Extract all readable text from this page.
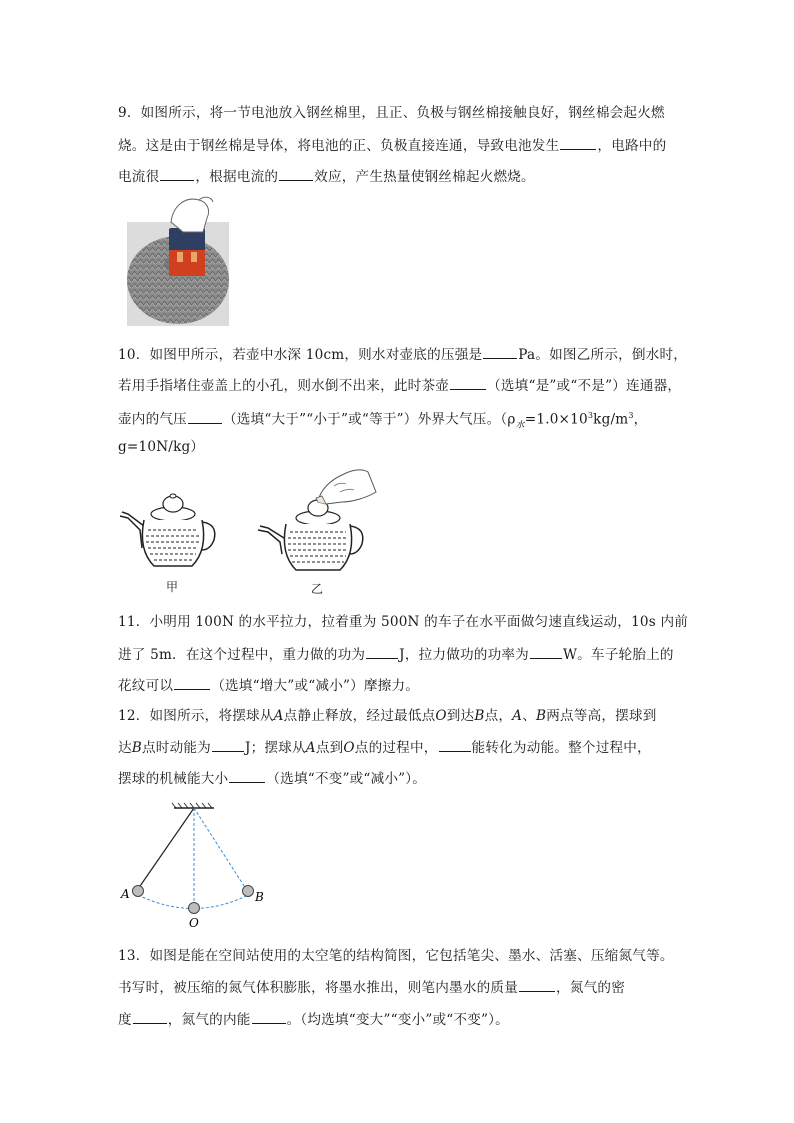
9．如图所示，将一节电池放入钢丝棉里，且正、负极与钢丝棉接触良好，钢丝棉会起火燃
烧。这是由于钢丝棉是导体，将电池的正、负极直接连通，导致电池发生	，电路中的
电流很	，根据电流的	效应，产生热量使钢丝棉起火燃烧。
10．如图甲所示，若壶中水深 10cm，则水对壶底的压强是	Pa。如图乙所示，倒水时，
若用手指堵住壶盖上的小孔，则水倒不出来，此时茶壶	（选填“是”或“不是”）连通器，
壶内的气压	（选填“大于”“小于”或“等于”）外界大气压。（$\rho_水=1.0\times 10^3kg/m^3$，
g=10N/kg）
甲	乙
11．小明用 100N 的水平拉力，拉着重为 500N 的车子在水平面做匀速直线运动，10s 内前
进了 5m．在这个过程中，重力做的功为	J，拉力做功的功率为	W。车子轮胎上的
花纹可以	（选填“增大”或“减小”）摩擦力。
12．如图所示，将摆球从A点静止释放，经过最低点O到达B点，A、B两点等高，摆球到
达B点时动能为	J；摆球从A点到O点的过程中，	能转化为动能。整个过程中，
摆球的机械能大小	（选填“不变”或“减小”）。
A	B
O
13．如图是能在空间站使用的太空笔的结构简图，它包括笔尖、墨水、活塞、压缩氮气等。
书写时，被压缩的氮气体积膨胀，将墨水推出，则笔内墨水的质量	，氮气的密
度	，氮气的内能	。（均选填“变大”“变小”或“不变”）。
